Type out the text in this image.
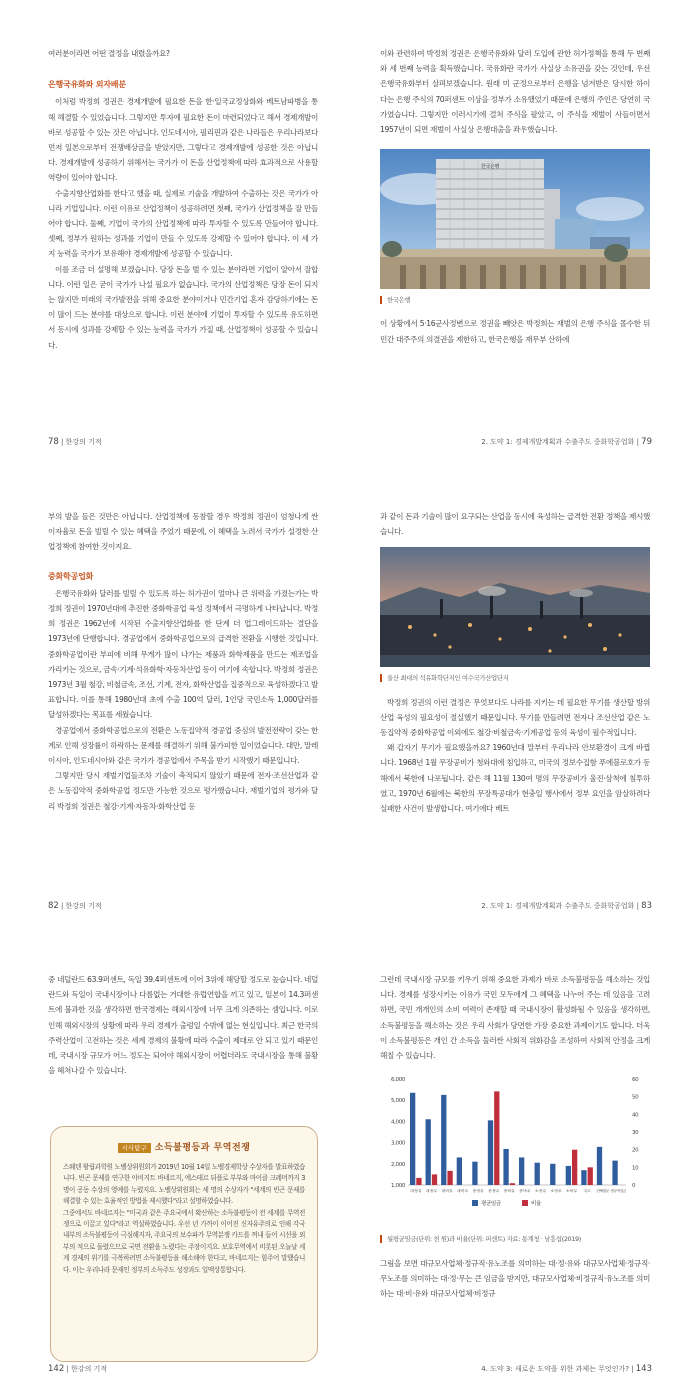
여러분이라면 어떤 결정을 내렸을까요?

은행국유화와 외자배분

이처럼 박정희 정권은 경제개발에 필요한 돈을 한·일국교정상화와 베트남파병을 통해 해결할 수 있었습니다. 그렇지만 투자에 필요한 돈이 마련되었다고 해서 경제개발이 바로 성공할 수 있는 것은 아닙니다. 인도네시아, 필리핀과 같은 나라들은 우리나라보다 먼저 일본으로부터 전쟁배상금을 받았지만, 그렇다고 경제개발에 성공한 것은 아닙니다. 경제개발에 성공하기 위해서는 국가가 이 돈을 산업정책에 따라 효과적으로 사용할 역량이 있어야 합니다.

수출지향산업화를 한다고 했을 때, 실제로 기술을 개발하여 수출하는 것은 국가가 아니라 기업입니다. 이런 이유로 산업정책이 성공하려면 첫째, 국가가 산업정책을 잘 만들어야 합니다. 둘째, 기업이 국가의 산업정책에 따라 투자할 수 있도록 만들어야 합니다. 셋째, 정부가 원하는 성과를 기업이 만들 수 있도록 강제할 수 있어야 합니다. 이 세 가지 능력을 국가가 보유해야 경제개발에 성공할 수 있습니다.

이를 조금 더 설명해 보겠습니다. 당장 돈을 벌 수 있는 분야라면 기업이 알아서 잘합니다. 이런 일은 굳이 국가가 나설 필요가 없습니다. 국가의 산업정책은 당장 돈이 되지는 않지만 미래의 국가발전을 위해 중요한 분야이거나 민간기업 혼자 감당하기에는 돈이 많이 드는 분야를 대상으로 합니다. 이런 분야에 기업이 투자할 수 있도록 유도하면서 동시에 성과를 강제할 수 있는 능력을 국가가 가질 때, 산업정책이 성공할 수 있습니다.

78 | 한강의 기적

이와 관련하여 박정희 정권은 은행국유화와 달러 도입에 관한 허가정책을 통해 두 번째와 세 번째 능력을 획득했습니다. 국유화란 국가가 사실상 소유권을 갖는 것인데, 우선 은행국유화부터 살펴보겠습니다. 원래 미 군정으로부터 은행을 넘겨받은 당시한 하이다는 은행 주식의 70퍼센트 이상을 정부가 소유했었기 때문에 은행의 주인은 당연히 국가였습니다. 그렇지만 이러시기에 걸쳐 주식을 팔았고, 이 주식을 재벌이 사들이면서 1957년이 되면 재벌이 사실상 은행대출을 좌우했습니다.

한국은행
한국은행

이 상황에서 5·16군사정변으로 정권을 빼앗은 박정희는 재벌의 은행 주식을 몰수한 뒤 민간 대주주의 의결권을 제한하고, 한국은행을 재무부 산하에

2. 도약 1: 경제개발계획과 수출주도 중화학공업화 | 79

부의 발을 들은 것만은 아닙니다. 산업정책에 동참할 경우 박정희 정권이 엄청나게 싼 이자율로 돈을 빌릴 수 있는 혜택을 주었기 때문에, 이 혜택을 노려서 국가가 설정한 산업정책에 참여한 것이지요.

중화학공업화

은행국유화와 달러를 빌릴 수 있도록 하는 허가권이 얼마나 큰 위력을 가졌는가는 박정희 정권이 1970년대에 추진한 중화학공업 육성 정책에서 극명하게 나타납니다. 박정희 정권은 1962년에 시작된 수출지향산업화를 한 단계 더 업그레이드하는 결단을 1973년에 단행합니다. 경공업에서 중화학공업으로의 급격한 전환을 시행한 것입니다. 중화학공업이란 부피에 비해 무게가 많이 나가는 제품과 화학제품을 만드는 제조업을 가리키는 것으로, 금속·기계·석유화학·자동차산업 등이 여기에 속합니다. 박정희 정권은 1973년 3월 철강, 비철금속, 조선, 기계, 전자, 화학산업을 집중적으로 육성하겠다고 발표합니다. 이를 통해 1980년대 초에 수출 100억 달러, 1인당 국민소득 1,000달러를 달성하겠다는 목표를 세웠습니다.

경공업에서 중화학공업으로의 전환은 노동집약적 경공업 중심의 발전전략이 갖는 한계로 인해 성장률이 하락하는 문제를 해결하기 위해 불가피한 일이었습니다. 대만, 말레이시아, 인도네시아와 같은 국가가 경공업에서 주목을 받기 시작했기 때문입니다.

그렇지만 당시 재벌기업들조차 기술이 축적되지 않았기 때문에 전자·조선산업과 같은 노동집약적 중화학공업 정도만 가능한 것으로 평가했습니다. 재벌기업의 평가와 달리 박정희 정권은 철강·기계·자동차·화학산업 등

82 | 한강의 기적

과 같이 돈과 기술이 많이 요구되는 산업을 동시에 육성하는 급격한 전환 정책을 제시했습니다.

울산 최대의 석유화학단지인 여수국가산업단지

박정희 정권의 이런 결정은 무엇보다도 나라를 지키는 데 필요한 무기를 생산할 방위산업 육성의 필요성이 절실했기 때문입니다. 무기를 만들려면 전자나 조선산업 같은 노동집약적 중화학공업 이외에도 철강·비철금속·기계공업 등의 육성이 필수적입니다.

왜 갑자기 무기가 필요했을까요? 1960년대 말부터 우리나라 안보환경이 크게 바뀝니다. 1968년 1월 무장공비가 청와대에 침입하고, 미국의 정보수집함 푸에블로호가 동해에서 북한에 나포됩니다. 같은 해 11월 130여 명의 무장공비가 울진·삼척에 침투하였고, 1970년 6월에는 북한의 무장특공대가 현충일 행사에서 정부 요인을 암살하려다 실패한 사건이 발생합니다. 여기에다 베트

2. 도약 1: 경제개발계획과 수출주도 중화학공업화 | 83

중 네덜란드 63.9퍼센트, 독일 39.4퍼센트에 이어 3위에 해당할 정도로 높습니다. 네덜란드와 독일이 국내시장이나 다름없는 거대한 유럽연합을 끼고 있고, 일본이 14.3퍼센트에 불과한 것을 생각하면 한국경제는 해외시장에 너무 크게 의존하는 셈입니다. 이로 인해 해외시장의 상황에 따라 우리 경제가 출렁일 수밖에 없는 현실입니다. 최근 한국의 주력산업이 고전하는 것은 세계 경제의 불황에 따라 수출이 제대로 안 되고 있기 때문인데, 국내시장 규모가 어느 정도는 되어야 해외시장이 어렵더라도 국내시장을 통해 불황을 헤쳐나갈 수 있습니다.

시사탐구 소득불평등과 무역전쟁

스웨덴 왕립과학원 노벨상위원회가 2019년 10월 14일 노벨경제학상 수상자를 발표하였습니다. 빈곤 문제를 연구한 아비지트 바네르지, 에스테르 뒤플로 부부와 마이클 크레머까지 3명이 공동 수상의 영예를 누렸지요. 노벨상위원회는 세 명의 수상자가 "세계의 빈곤 문제를 해결할 수 있는 효율적인 방법을 제시했다"라고 설명하였습니다.

그중에서도 바네르지는 "미국과 같은 주요국에서 확산하는 소득불평등이 전 세계를 무역전쟁으로 이끌고 있다"라고 역설하였습니다. 우선 년 가까이 이어진 신자유주의로 인해 각국 내부의 소득불평등이 극심해지자, 주요국의 보수파가 무역분쟁 카드를 꺼내 들어 시선을 외부의 적으로 돌렸으므로 국면 전환을 노렸다는 주장이지요. 보호무역에서 비롯된 오늘날 세계 경제의 위기를 극복하려면 소득불평등을 해소해야 한다고, 바네르지는 힘주어 말했습니다. 이는 우리나라 문재인 정부의 소득주도 성장과도 일맥상통합니다.

142 | 한강의 기적

그런데 국내시장 규모를 키우기 위해 중요한 과제가 바로 소득불평등을 해소하는 것입니다. 경제를 성장시키는 이유가 국민 모두에게 그 혜택을 나누어 주는 데 있음을 고려하면, 국민 개개인의 소비 여력이 존재할 때 국내시장이 활성화될 수 있음을 생각하면, 소득불평등을 해소하는 것은 우리 사회가 당면한 가장 중요한 과제이기도 합니다. 더욱이 소득불평등은 개인 간 소득을 둘러싼 사회적 위화감을 조성하여 사회적 안정을 크게 해칠 수 있습니다.

1,000
2,000
3,000
4,000
5,000
6,000
0
10
20
30
40
50
60
대·정·유 대·정·무 대·비·유 대·비·무 중·정·유 중·정·무 중·비·유 중·비·무 소·정·유 소·정·무 소·비·무 특고 전체평균 정규직임금
평균임금	비율
월평균임금(단위: 천 원)과 비율(단위: 퍼센트) 자료: 통계청 · 남흥섭(2019)

그림을 보면 대규모사업체·정규직·유노조를 의미하는 대·정·유와 대규모사업체·정규직·무노조를 의미하는 대·정·무는 큰 임금을 받지만, 대규모사업체·비정규직·유노조를 의미하는 대·비·유와 대규모사업체·비정규

4. 도약 3: 새로운 도약을 위한 과제는 무엇인가? | 143
